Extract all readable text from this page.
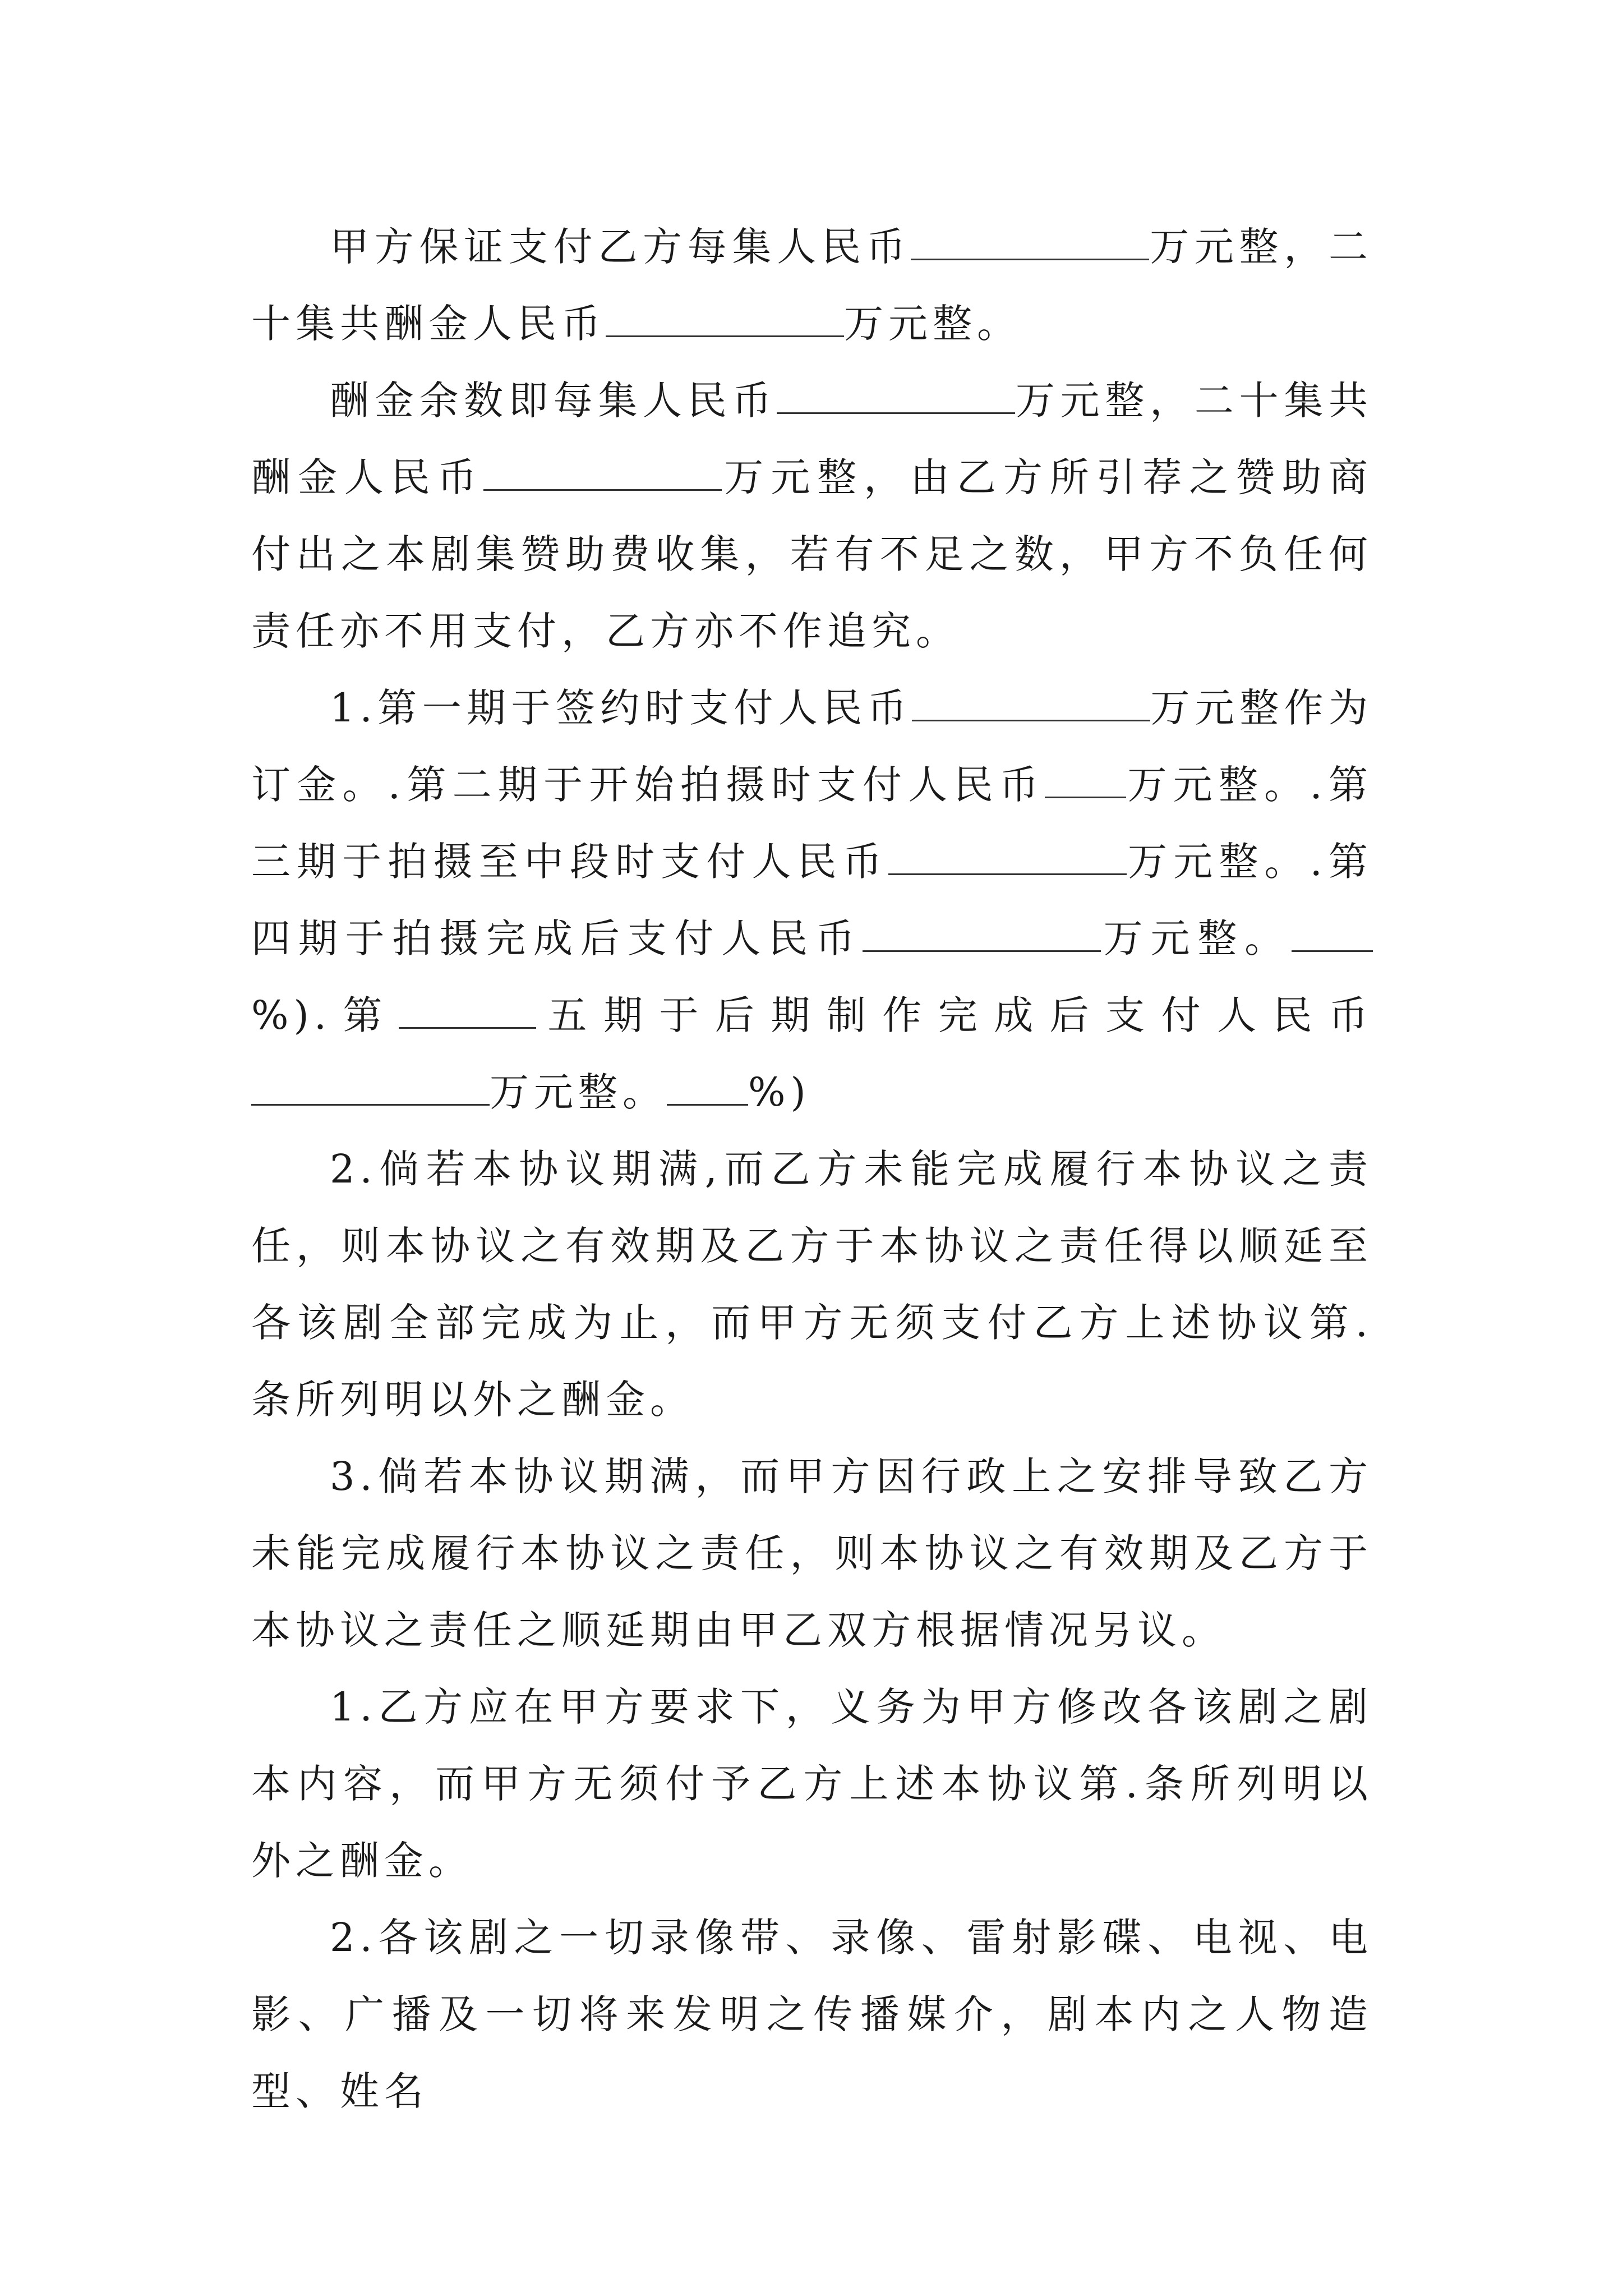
甲方保证支付乙方每集人民币	万元整，二十集共酬金人民币	万元整。

酬金余数即每集人民币	万元整，二十集共酬金人民币	万元整，由乙方所引荐之赞助商付出之本剧集赞助费收集，若有不足之数，甲方不负任何责任亦不用支付，乙方亦不作追究。

1.第一期于签约时支付人民币	万元整作为订金。.第二期于开始拍摄时支付人民币 万元整。.第三期于拍摄至中段时支付人民币	万元整。.第四期于拍摄完成后支付人民币	万元整。%).第	五期于后期制作完成后支付人民币万元整。 %)

2.倘若本协议期满,而乙方未能完成履行本协议之责任，则本协议之有效期及乙方于本协议之责任得以顺延至各该剧全部完成为止，而甲方无须支付乙方上述协议第.条所列明以外之酬金。

3.倘若本协议期满，而甲方因行政上之安排导致乙方未能完成履行本协议之责任，则本协议之有效期及乙方于本协议之责任之顺延期由甲乙双方根据情况另议。

1.乙方应在甲方要求下，义务为甲方修改各该剧之剧本内容，而甲方无须付予乙方上述本协议第.条所列明以外之酬金。

2.各该剧之一切录像带、录像、雷射影碟、电视、电影、广播及一切将来发明之传播媒介，剧本内之人物造型、姓名
